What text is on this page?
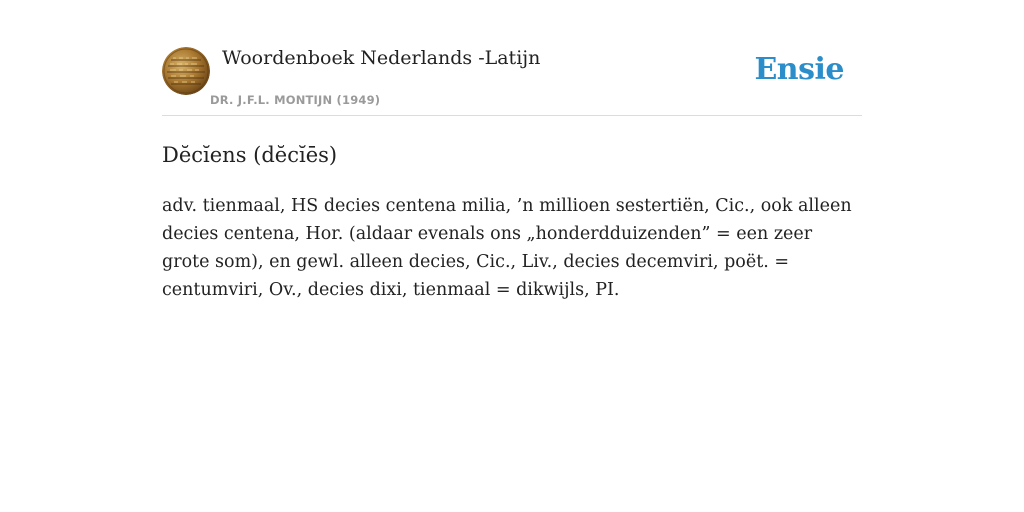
Woordenboek Nederlands -Latijn
DR. J.F.L. MONTIJN (1949)
Ensie
Dĕcĭens (dĕcĭēs)
adv. tienmaal, HS decies centena milia, ’n millioen sestertiën, Cic., ook alleen decies centena, Hor. (aldaar evenals ons „honderdduizenden” = een zeer grote som), en gewl. alleen decies, Cic., Liv., decies decemviri, poët. = centumviri, Ov., decies dixi, tienmaal = dikwijls, PI.
